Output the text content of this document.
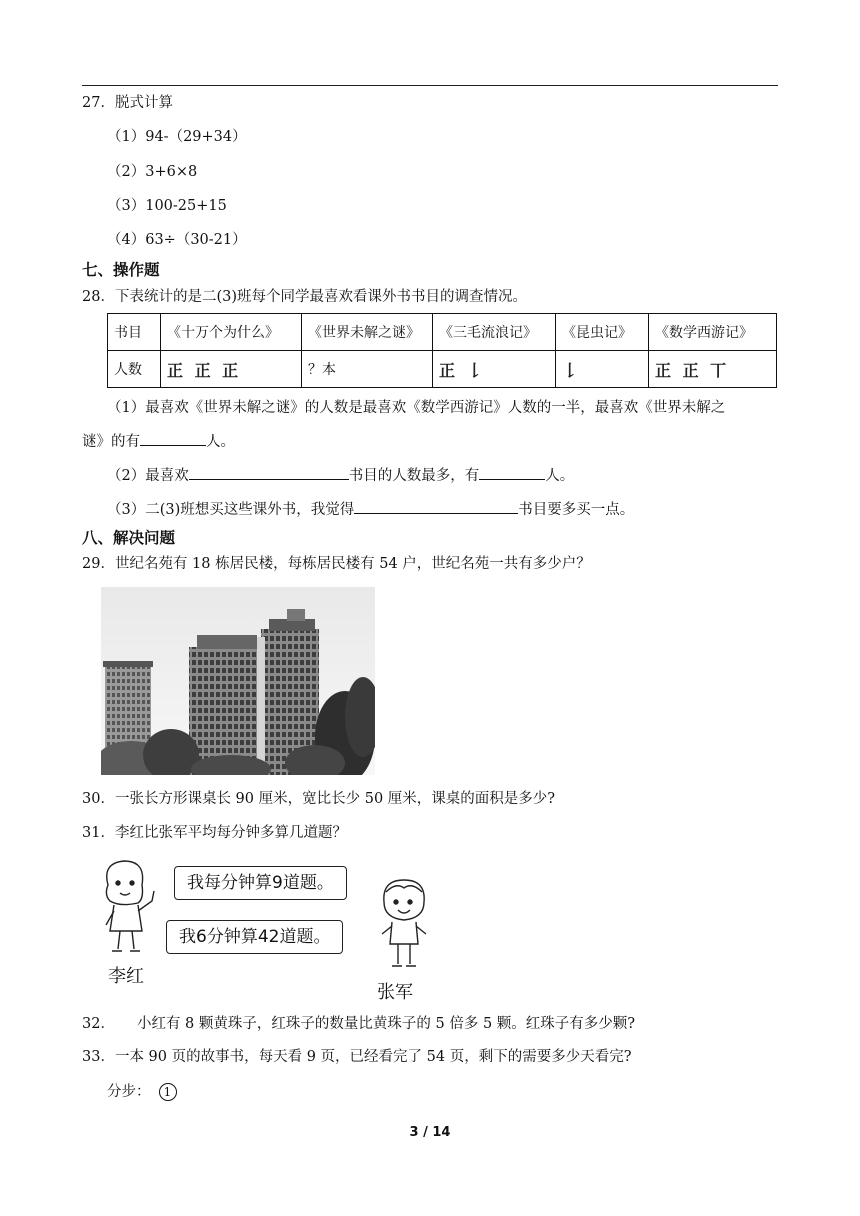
27．脱式计算
（1）94-（29+34）
（2）3+6×8
（3）100-25+15
（4）63÷（30-21）
七、操作题
28．下表统计的是二(3)班每个同学最喜欢看课外书书目的调查情况。
书目	《十万个为什么》	《世界未解之谜》	《三毛流浪记》	《昆虫记》	《数学西游记》
人数	正 正 正	？本	正 𠄌	𠄌	正 正 丅
（1）最喜欢《世界未解之谜》的人数是最喜欢《数学西游记》人数的一半，最喜欢《世界未解之
谜》的有	人。
（2）最喜欢	书目的人数最多，有	人。
（3）二(3)班想买这些课外书，我觉得	书目要多买一点。
八、解决问题
29．世纪名苑有 18 栋居民楼，每栋居民楼有 54 户，世纪名苑一共有多少户？
30．一张长方形课桌长 90 厘米，宽比长少 50 厘米，课桌的面积是多少?
31．李红比张军平均每分钟多算几道题？
我每分钟算9道题。
我6分钟算42道题。
李红
张军
32． 小红有 8 颗黄珠子，红珠子的数量比黄珠子的 5 倍多 5 颗。红珠子有多少颗?
33．一本 90 页的故事书，每天看 9 页，已经看完了 54 页，剩下的需要多少天看完?
分步： 1
3 / 14
